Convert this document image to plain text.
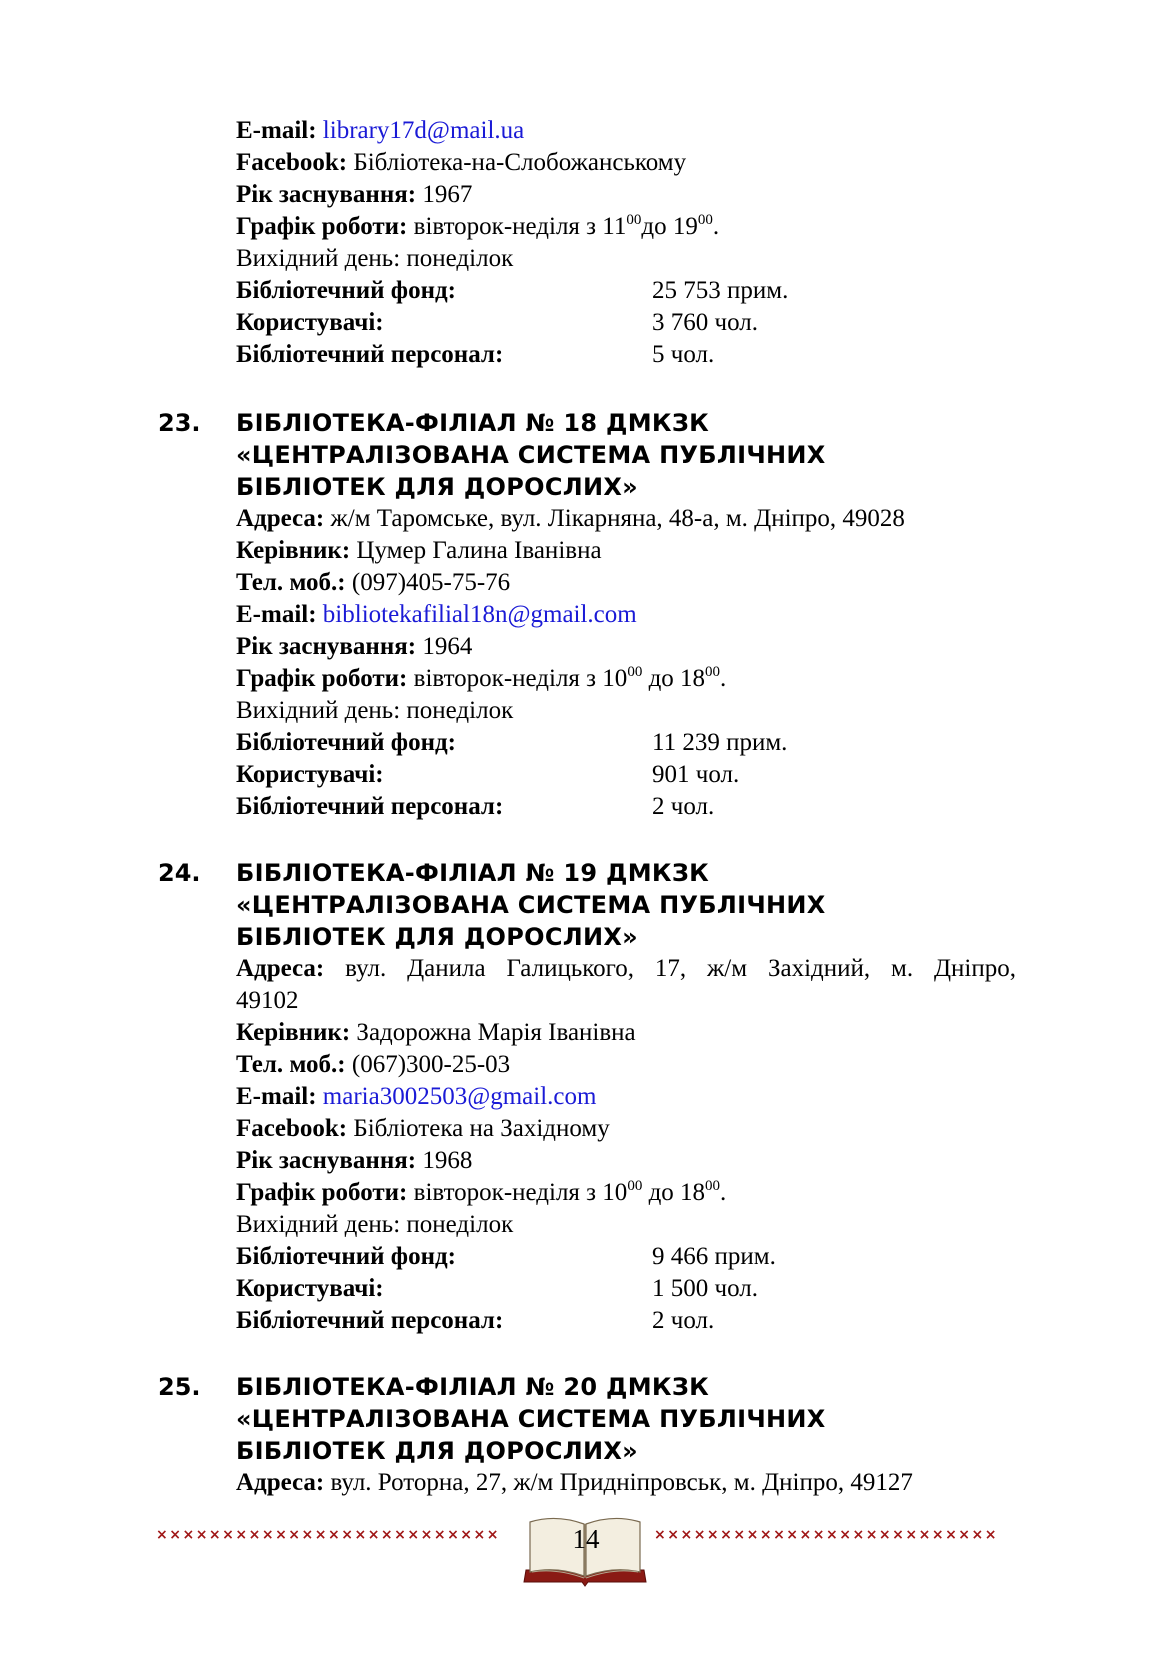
E-mail: library17d@mail.ua
Facebook: Бібліотека-на-Слобожанському
Рік заснування: 1967
Графік роботи: вівторок-неділя з $11^{00}до$ $19^{00}$.
Вихідний день: понеділок
Бібліотечний фонд:	25 753 прим.
Користувачі:	3 760 чол.
Бібліотечний персонал:	5 чол.
23. БІБЛІОТЕКА-ФІЛІАЛ № 18 ДМКЗК
«ЦЕНТРАЛІЗОВАНА СИСТЕМА ПУБЛІЧНИХ
БІБЛІОТЕК ДЛЯ ДОРОСЛИХ»
Адреса: ж/м Таромське, вул. Лікарняна, 48-а, м. Дніпро, 49028
Керівник: Цумер Галина Іванівна
Тел. моб.: (097)405-75-76
E-mail: bibliotekafilial18n@gmail.com
Рік заснування: 1964
Графік роботи: вівторок-неділя з $10^{00}$ до $18^{00}$.
Вихідний день: понеділок
Бібліотечний фонд:	11 239 прим.
Користувачі:	901 чол.
Бібліотечний персонал:	2 чол.
24. БІБЛІОТЕКА-ФІЛІАЛ № 19 ДМКЗК
«ЦЕНТРАЛІЗОВАНА СИСТЕМА ПУБЛІЧНИХ
БІБЛІОТЕК ДЛЯ ДОРОСЛИХ»
Адреса: вул. Данила Галицького, 17, ж/м Західний, м. Дніпро,
49102
Керівник: Задорожна Марія Іванівна
Тел. моб.: (067)300-25-03
E-mail: maria3002503@gmail.com
Facebook: Бібліотека на Західному
Рік заснування: 1968
Графік роботи: вівторок-неділя з $10^{00}$ до $18^{00}$.
Вихідний день: понеділок
Бібліотечний фонд:	9 466 прим.
Користувачі:	1 500 чол.
Бібліотечний персонал:	2 чол.
25. БІБЛІОТЕКА-ФІЛІАЛ № 20 ДМКЗК
«ЦЕНТРАЛІЗОВАНА СИСТЕМА ПУБЛІЧНИХ
БІБЛІОТЕК ДЛЯ ДОРОСЛИХ»
Адреса: вул. Роторна, 27, ж/м Придніпровськ, м. Дніпро, 49127
××××××××××××××××××××××××××	××××××××××××××××××××××××××
14
